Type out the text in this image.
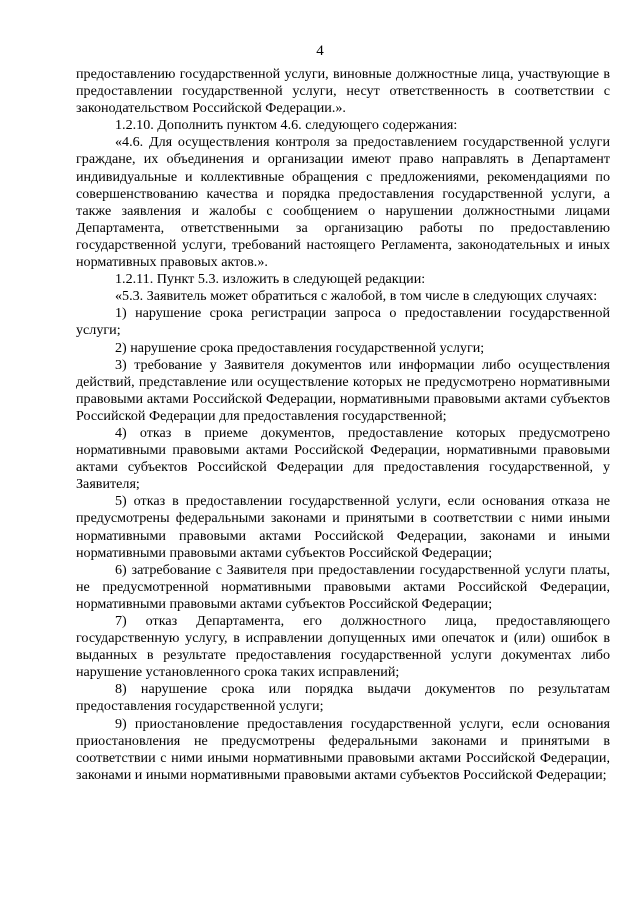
4

предоставлению государственной услуги, виновные должностные лица, участвующие в предоставлении государственной услуги, несут ответственность в соответствии с законодательством Российской Федерации.».

1.2.10. Дополнить пунктом 4.6. следующего содержания:

«4.6. Для осуществления контроля за предоставлением государственной услуги граждане, их объединения и организации имеют право направлять в Департамент индивидуальные и коллективные обращения с предложениями, рекомендациями по совершенствованию качества и порядка предоставления государственной услуги, а также заявления и жалобы с сообщением о нарушении должностными лицами Департамента, ответственными за организацию работы по предоставлению государственной услуги, требований настоящего Регламента, законодательных и иных нормативных правовых актов.».

1.2.11. Пункт 5.3. изложить в следующей редакции:

«5.3. Заявитель может обратиться с жалобой, в том числе в следующих случаях:

1) нарушение срока регистрации запроса о предоставлении государственной услуги;

2) нарушение срока предоставления государственной услуги;

3) требование у Заявителя документов или информации либо осуществления действий, представление или осуществление которых не предусмотрено нормативными правовыми актами Российской Федерации, нормативными правовыми актами субъектов Российской Федерации для предоставления государственной;

4) отказ в приеме документов, предоставление которых предусмотрено нормативными правовыми актами Российской Федерации, нормативными правовыми актами субъектов Российской Федерации для предоставления государственной, у Заявителя;

5) отказ в предоставлении государственной услуги, если основания отказа не предусмотрены федеральными законами и принятыми в соответствии с ними иными нормативными правовыми актами Российской Федерации, законами и иными нормативными правовыми актами субъектов Российской Федерации;

6) затребование с Заявителя при предоставлении государственной услуги платы, не предусмотренной нормативными правовыми актами Российской Федерации, нормативными правовыми актами субъектов Российской Федерации;

7) отказ Департамента, его должностного лица, предоставляющего государственную услугу, в исправлении допущенных ими опечаток и (или) ошибок в выданных в результате предоставления государственной услуги документах либо нарушение установленного срока таких исправлений;

8) нарушение срока или порядка выдачи документов по результатам предоставления государственной услуги;

9) приостановление предоставления государственной услуги, если основания приостановления не предусмотрены федеральными законами и принятыми в соответствии с ними иными нормативными правовыми актами Российской Федерации, законами и иными нормативными правовыми актами субъектов Российской Федерации;
